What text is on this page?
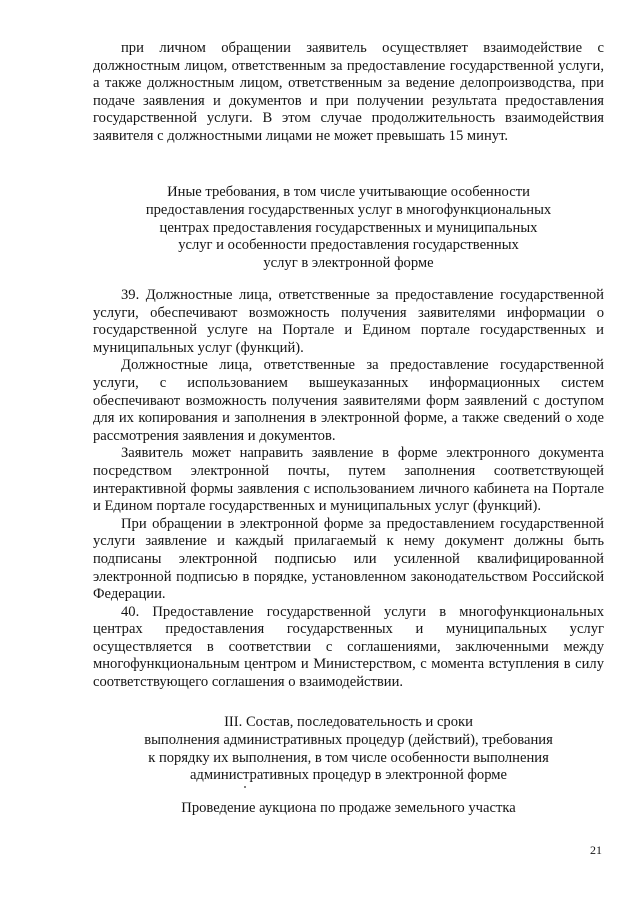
при личном обращении заявитель осуществляет взаимодействие с должностным лицом, ответственным за предоставление государственной услуги, а также должностным лицом, ответственным за ведение делопроизводства, при подаче заявления и документов и при получении результата предоставления государственной услуги. В этом случае продолжительность взаимодействия заявителя с должностными лицами не может превышать 15 минут.

Иные требования, в том числе учитывающие особенности
предоставления государственных услуг в многофункциональных
центрах предоставления государственных и муниципальных
услуг и особенности предоставления государственных
услуг в электронной форме

39. Должностные лица, ответственные за предоставление государственной услуги, обеспечивают возможность получения заявителями информации о государственной услуге на Портале и Едином портале государственных и муниципальных услуг (функций).

Должностные лица, ответственные за предоставление государственной услуги, с использованием вышеуказанных информационных систем обеспечивают возможность получения заявителями форм заявлений с доступом для их копирования и заполнения в электронной форме, а также сведений о ходе рассмотрения заявления и документов.

Заявитель может направить заявление в форме электронного документа посредством электронной почты, путем заполнения соответствующей интерактивной формы заявления с использованием личного кабинета на Портале и Едином портале государственных и муниципальных услуг (функций).

При обращении в электронной форме за предоставлением государственной услуги заявление и каждый прилагаемый к нему документ должны быть подписаны электронной подписью или усиленной квалифицированной электронной подписью в порядке, установленном законодательством Российской Федерации.

40. Предоставление государственной услуги в многофункциональных центрах предоставления государственных и муниципальных услуг осуществляется в соответствии с соглашениями, заключенными между многофункциональным центром и Министерством, с момента вступления в силу соответствующего соглашения о взаимодействии.

III. Состав, последовательность и сроки
выполнения административных процедур (действий), требования
к порядку их выполнения, в том числе особенности выполнения
административных процедур в электронной форме
Проведение аукциона по продаже земельного участка
21
